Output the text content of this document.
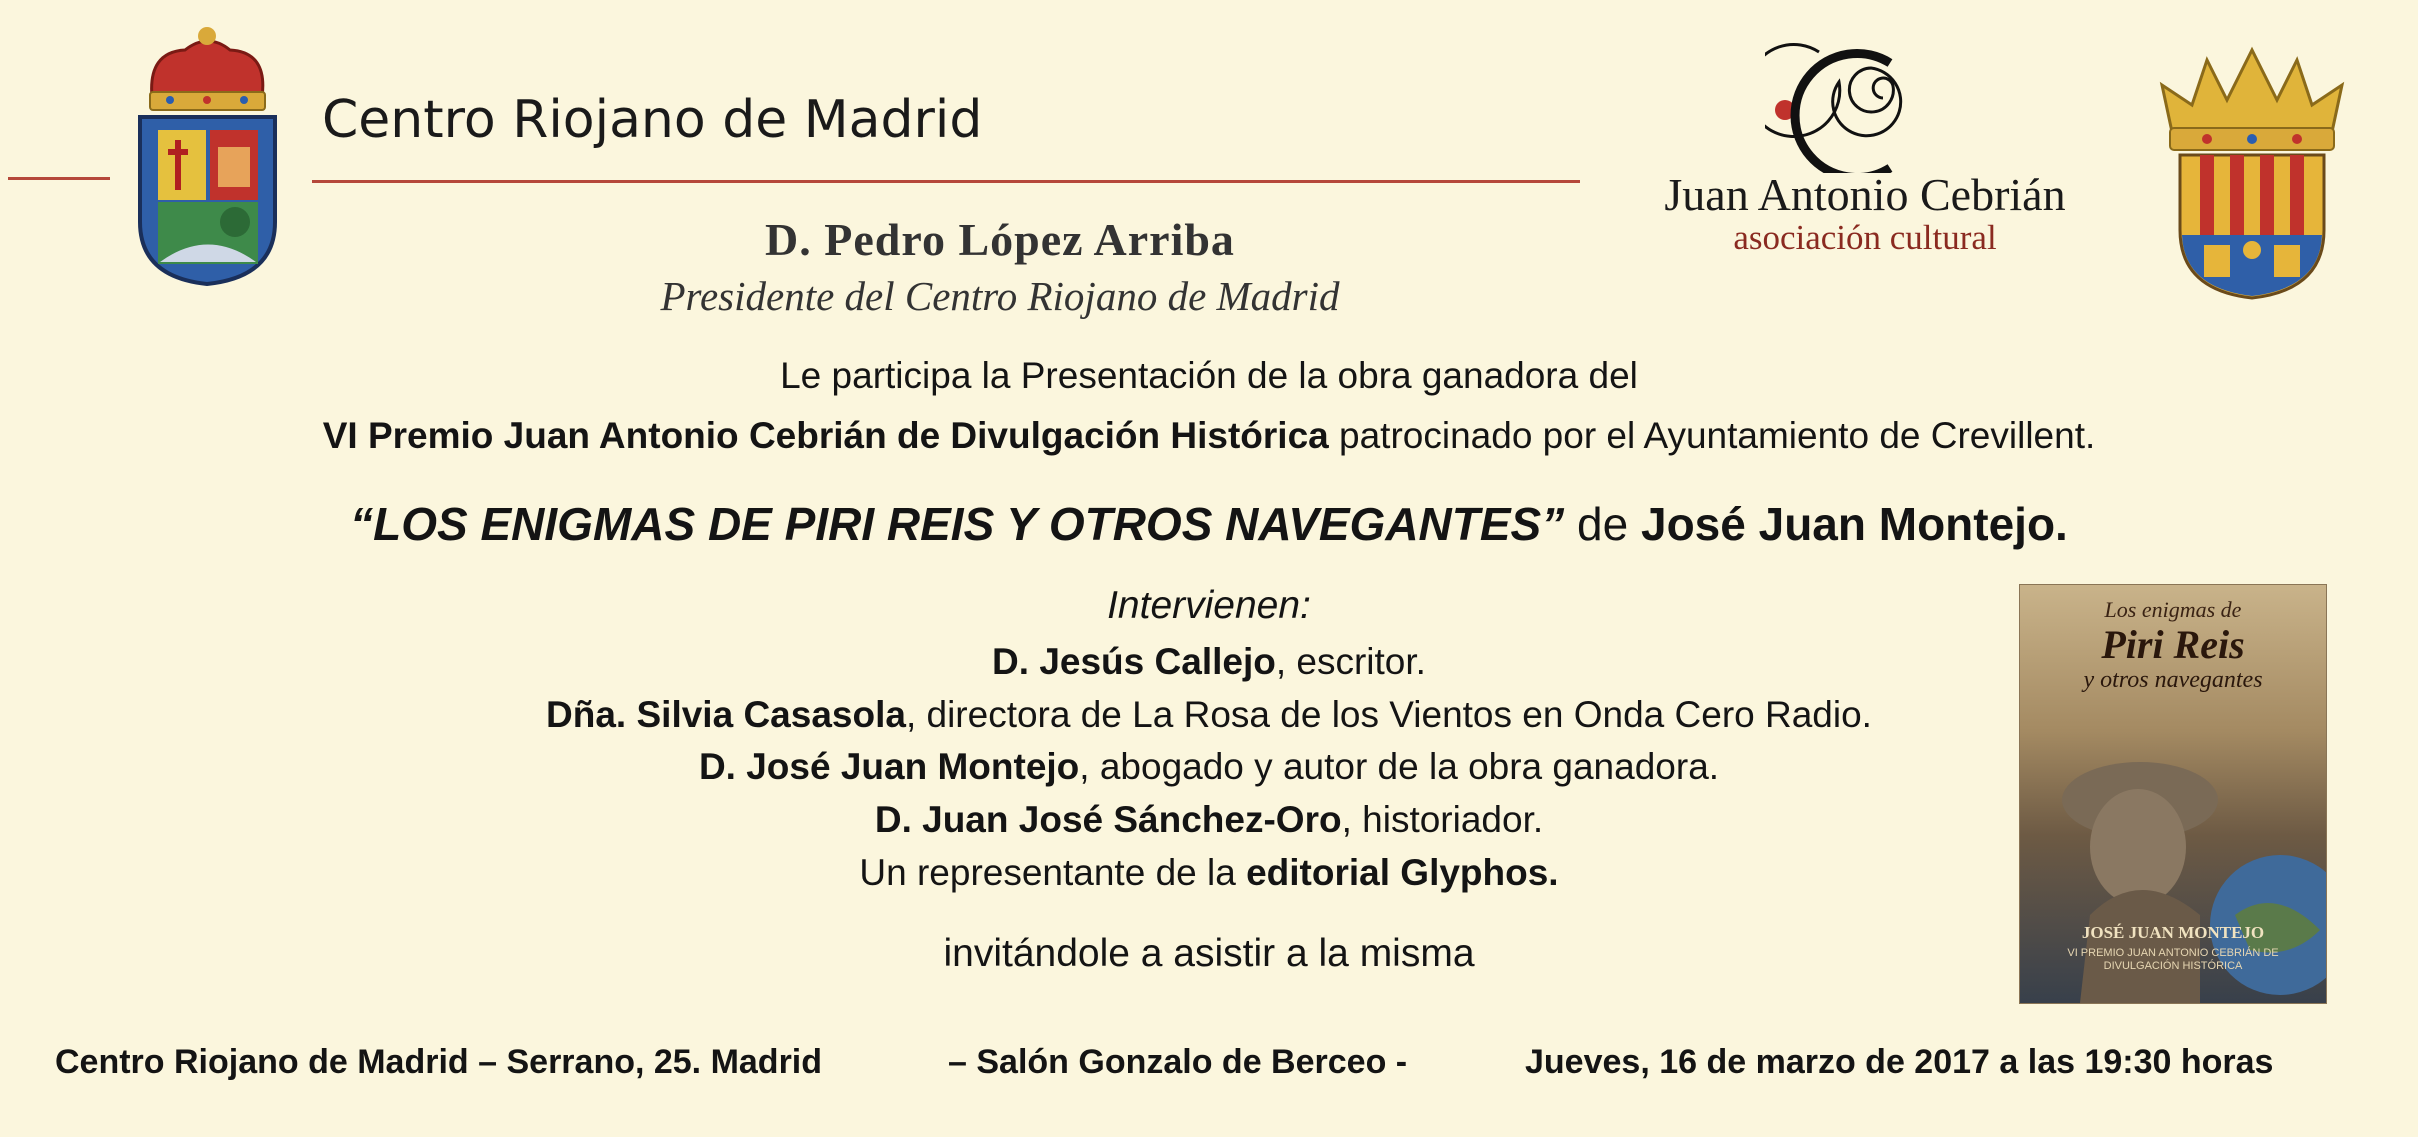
Centro Riojano de Madrid
D. Pedro López Arriba
Presidente del Centro Riojano de Madrid
Juan Antonio Cebrián
asociación cultural
Le participa la Presentación de la obra ganadora del
VI Premio Juan Antonio Cebrián de Divulgación Histórica patrocinado por el Ayuntamiento de Crevillent.
“LOS ENIGMAS DE PIRI REIS Y OTROS NAVEGANTES” de José Juan Montejo.
Intervienen:
D. Jesús Callejo, escritor.
Dña. Silvia Casasola, directora de La Rosa de los Vientos en Onda Cero Radio.
D. José Juan Montejo, abogado y autor de la obra ganadora.
D. Juan José Sánchez-Oro, historiador.
Un representante de la editorial Glyphos.
invitándole a asistir a la misma
Los enigmas de
Piri Reis
y otros navegantes
JOSÉ JUAN MONTEJO
VI PREMIO JUAN ANTONIO CEBRIÁN DE DIVULGACIÓN HISTÓRICA
Centro Riojano de Madrid – Serrano, 25. Madrid	– Salón Gonzalo de Berceo -	Jueves, 16 de marzo de 2017 a las 19:30 horas
